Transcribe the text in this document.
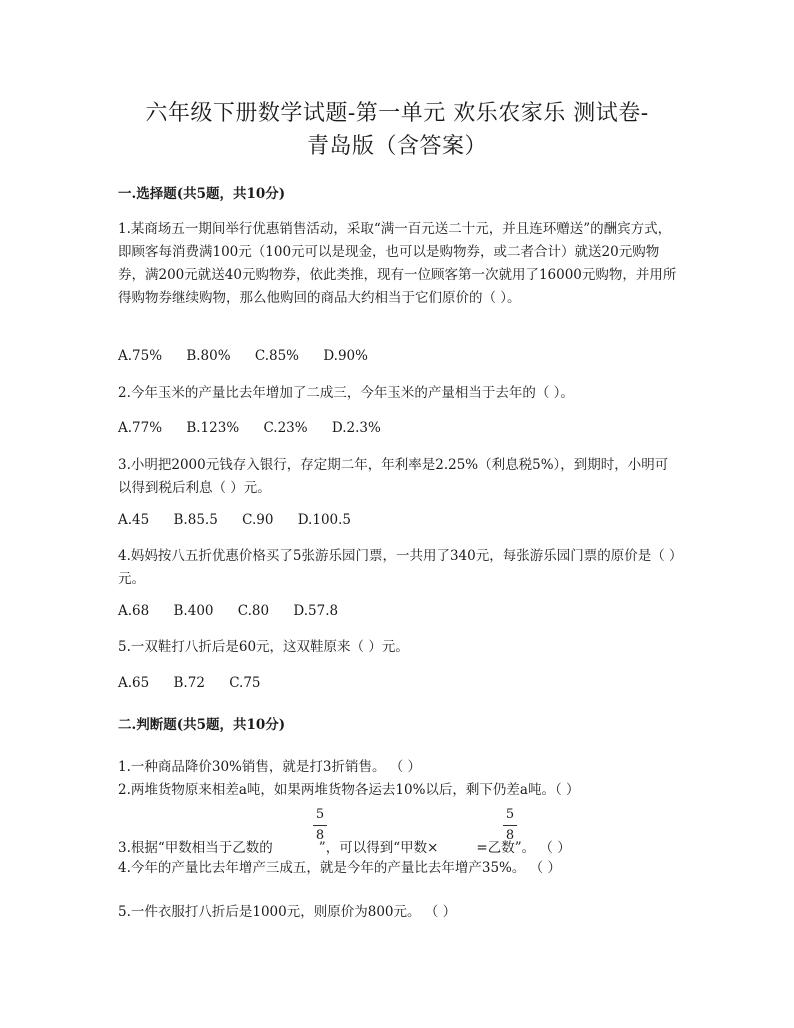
六年级下册数学试题-第一单元 欢乐农家乐 测试卷-
青岛版（含答案）
一.选择题(共5题，共10分)
1.某商场五一期间举行优惠销售活动，采取“满一百元送二十元，并且连环赠送”的酬宾方式，即顾客每消费满100元（100元可以是现金，也可以是购物券，或二者合计）就送20元购物券，满200元就送40元购物券，依此类推，现有一位顾客第一次就用了16000元购物，并用所得购物券继续购物，那么他购回的商品大约相当于它们原价的（ ）。
A.75% B.80% C.85% D.90%
2.今年玉米的产量比去年增加了二成三，今年玉米的产量相当于去年的（ ）。
A.77% B.123% C.23% D.2.3%
3.小明把2000元钱存入银行，存定期二年，年利率是2.25%（利息税5%），到期时，小明可以得到税后利息（ ）元。
A.45 B.85.5 C.90 D.100.5
4.妈妈按八五折优惠价格买了5张游乐园门票，一共用了340元，每张游乐园门票的原价是（ ）元。
A.68 B.400 C.80 D.57.8
5.一双鞋打八折后是60元，这双鞋原来（ ）元。
A.65 B.72 C.75
二.判断题(共5题，共10分)
1.一种商品降价30%销售，就是打3折销售。 （ ）
2.两堆货物原来相差a吨，如果两堆货物各运去10%以后，剩下仍差a吨。（ ）
5
8
5
8
3.根据“甲数相当于乙数的	”，可以得到“甲数×	=乙数”。 （ ）
4.今年的产量比去年增产三成五，就是今年的产量比去年增产35%。 （ ）
5.一件衣服打八折后是1000元，则原价为800元。 （ ）
